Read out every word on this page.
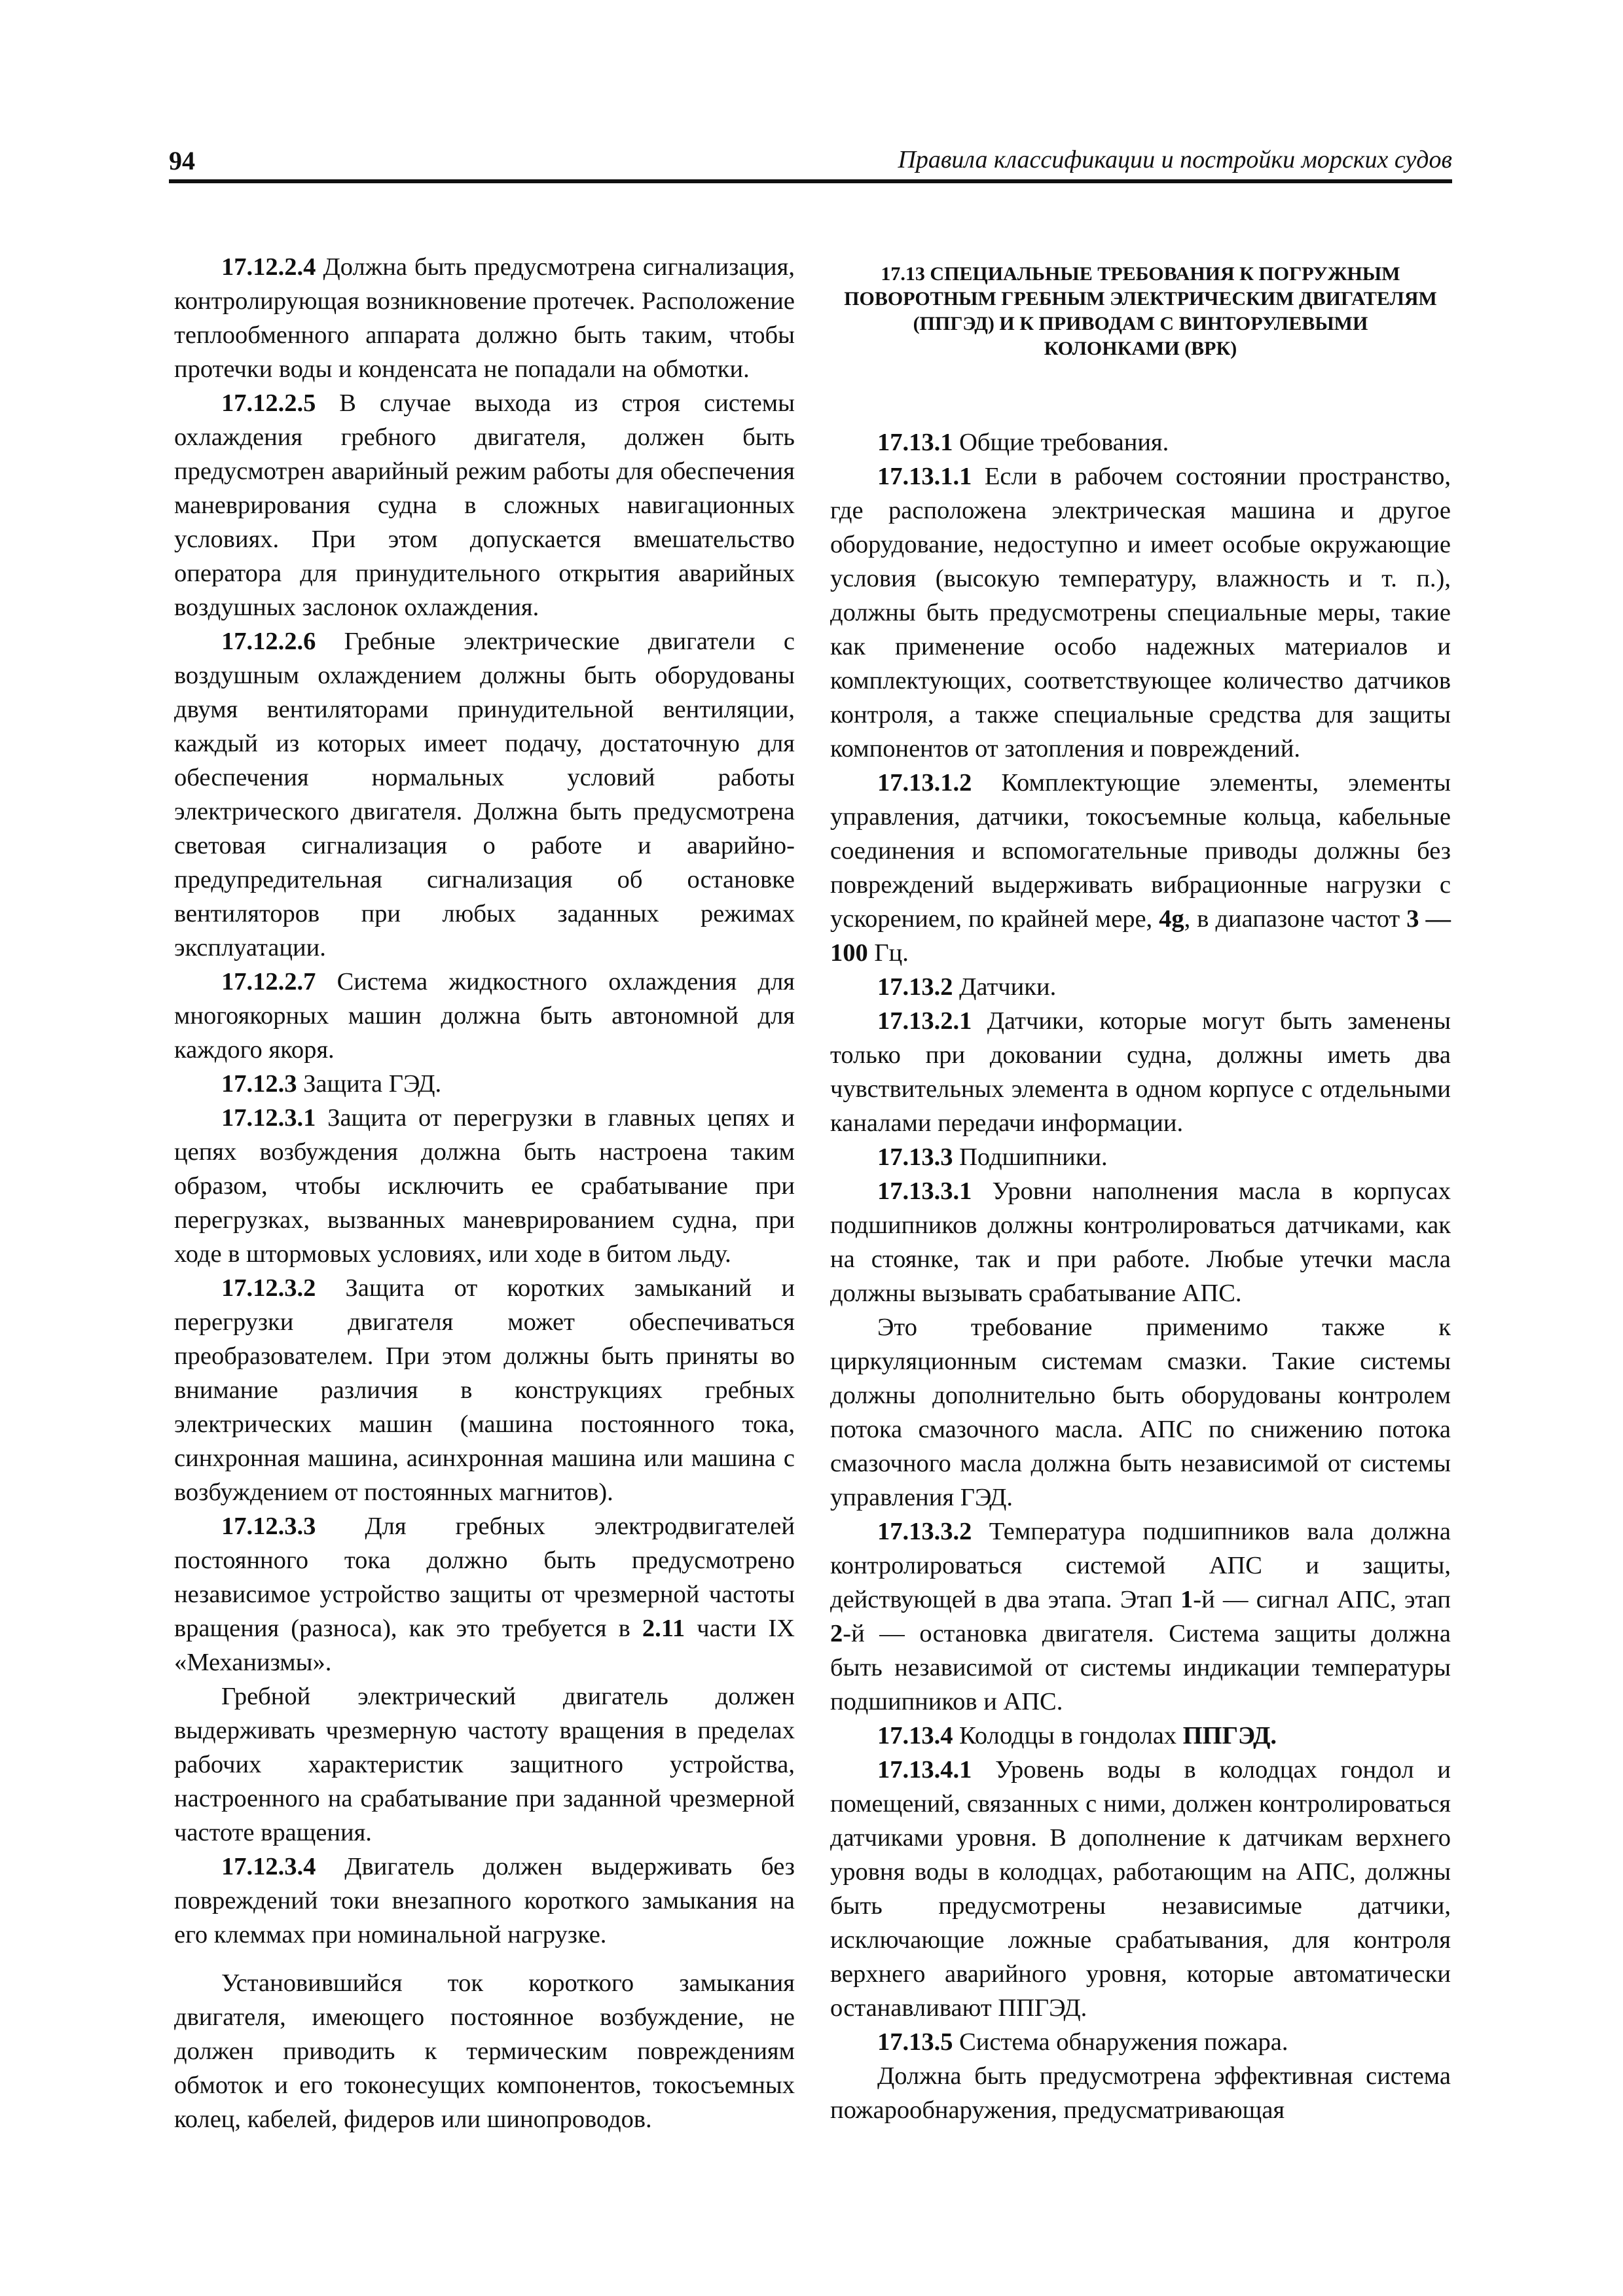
94	Правила классификации и постройки морских судов

17.12.2.4 Должна быть предусмотрена сигнализация, контролирующая возникновение протечек. Расположение теплообменного аппарата должно быть таким, чтобы протечки воды и конденсата не попадали на обмотки.

17.12.2.5 В случае выхода из строя системы охлаждения гребного двигателя, должен быть предусмотрен аварийный режим работы для обеспечения маневрирования судна в сложных навигационных условиях. При этом допускается вмешательство оператора для принудительного открытия аварийных воздушных заслонок охлаждения.

17.12.2.6 Гребные электрические двигатели с воздушным охлаждением должны быть оборудованы двумя вентиляторами принудительной вентиляции, каждый из которых имеет подачу, достаточную для обеспечения нормальных условий работы электрического двигателя. Должна быть предусмотрена световая сигнализация о работе и аварийно-предупредительная сигнализация об остановке вентиляторов при любых заданных режимах эксплуатации.

17.12.2.7 Система жидкостного охлаждения для многоякорных машин должна быть автономной для каждого якоря.

17.12.3 Защита ГЭД.

17.12.3.1 Защита от перегрузки в главных цепях и цепях возбуждения должна быть настроена таким образом, чтобы исключить ее срабатывание при перегрузках, вызванных маневрированием судна, при ходе в штормовых условиях, или ходе в битом льду.

17.12.3.2 Защита от коротких замыканий и перегрузки двигателя может обеспечиваться преобразователем. При этом должны быть приняты во внимание различия в конструкциях гребных электрических машин (машина постоянного тока, синхронная машина, асинхронная машина или машина с возбуждением от постоянных магнитов).

17.12.3.3 Для гребных электродвигателей постоянного тока должно быть предусмотрено независимое устройство защиты от чрезмерной частоты вращения (разноса), как это требуется в 2.11 части IX «Механизмы».

Гребной электрический двигатель должен выдерживать чрезмерную частоту вращения в пределах рабочих характеристик защитного устройства, настроенного на срабатывание при заданной чрезмерной частоте вращения.

17.12.3.4 Двигатель должен выдерживать без повреждений токи внезапного короткого замыкания на его клеммах при номинальной нагрузке.

Установившийся ток короткого замыкания двигателя, имеющего постоянное возбуждение, не должен приводить к термическим повреждениям обмоток и его токонесущих компонентов, токосъемных колец, кабелей, фидеров или шинопроводов.

17.13 СПЕЦИАЛЬНЫЕ ТРЕБОВАНИЯ К ПОГРУЖНЫМ ПОВОРОТНЫМ ГРЕБНЫМ ЭЛЕКТРИЧЕСКИМ ДВИГАТЕЛЯМ (ППГЭД) И К ПРИВОДАМ С ВИНТОРУЛЕВЫМИ КОЛОНКАМИ (ВРК)

17.13.1 Общие требования.

17.13.1.1 Если в рабочем состоянии пространство, где расположена электрическая машина и другое оборудование, недоступно и имеет особые окружающие условия (высокую температуру, влажность и т. п.), должны быть предусмотрены специальные меры, такие как применение особо надежных материалов и комплектующих, соответствующее количество датчиков контроля, а также специальные средства для защиты компонентов от затопления и повреждений.

17.13.1.2 Комплектующие элементы, элементы управления, датчики, токосъемные кольца, кабельные соединения и вспомогательные приводы должны без повреждений выдерживать вибрационные нагрузки с ускорением, по крайней мере, 4g, в диапазоне частот 3 — 100 Гц.

17.13.2 Датчики.

17.13.2.1 Датчики, которые могут быть заменены только при доковании судна, должны иметь два чувствительных элемента в одном корпусе с отдельными каналами передачи информации.

17.13.3 Подшипники.

17.13.3.1 Уровни наполнения масла в корпусах подшипников должны контролироваться датчиками, как на стоянке, так и при работе. Любые утечки масла должны вызывать срабатывание АПС.

Это требование применимо также к циркуляционным системам смазки. Такие системы должны дополнительно быть оборудованы контролем потока смазочного масла. АПС по снижению потока смазочного масла должна быть независимой от системы управления ГЭД.

17.13.3.2 Температура подшипников вала должна контролироваться системой АПС и защиты, действующей в два этапа. Этап 1-й — сигнал АПС, этап 2-й — остановка двигателя. Система защиты должна быть независимой от системы индикации температуры подшипников и АПС.

17.13.4 Колодцы в гондолах ППГЭД.

17.13.4.1 Уровень воды в колодцах гондол и помещений, связанных с ними, должен контролироваться датчиками уровня. В дополнение к датчикам верхнего уровня воды в колодцах, работающим на АПС, должны быть предусмотрены независимые датчики, исключающие ложные срабатывания, для контроля верхнего аварийного уровня, которые автоматически останавливают ППГЭД.

17.13.5 Система обнаружения пожара.

Должна быть предусмотрена эффективная система пожарообнаружения, предусматривающая
